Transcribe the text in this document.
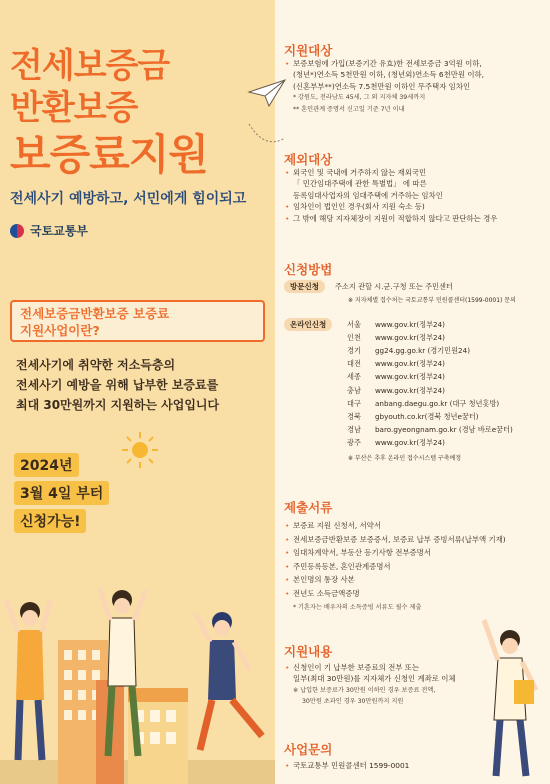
전세보증금
반환보증
보증료지원
전세사기 예방하고, 서민에게 힘이되고
국토교통부
전세보증금반환보증 보증료
지원사업이란?
전세사기에 취약한 저소득층의
전세사기 예방을 위해 납부한 보증료를
최대 30만원까지 지원하는 사업입니다
2024년
3월 4일 부터
신청가능!
지원대상
• 보증보험에 가입(보증기간 유효)한 전세보증금 3억원 이하,
(청년*)연소득 5천만원 이하, (청년외)연소득 6천만원 이하,
(신혼부부**)연소득 7.5천만원 이하인 무주택자 임차인
* 강원도, 전라남도 45세, 그 외 지자체 39세까지
** 혼인관계 증명서 신고일 기준 7년 이내
제외대상
• 외국인 및 국내에 거주하지 않는 재외국민
「 민간임대주택에 관한 특별법」 에 따른
등록임대사업자의 임대주택에 거주하는 임차인
• 임차인이 법인인 경우(회사 지원 숙소 등)
• 그 밖에 해당 지자체장이 지원이 적합하지 않다고 판단하는 경우
신청방법
방문신청	주소지 관할 시.군.구청 또는 주민센터
※ 지자체별 접수처는 국토교통부 민원콜센터(1599-0001) 문의
온라인신청	서울	www.gov.kr(정부24)
인천	www.gov.kr(정부24)
경기	gg24.gg.go.kr (경기민원24)
대전	www.gov.kr(정부24)
세종	www.gov.kr(정부24)
충남	www.gov.kr(정부24)
대구	anbang.daegu.go.kr (대구 청년홋방)
경북	gbyouth.co.kr(경북 청년e꿈터)
경남	baro.gyeongnam.go.kr (경남 바로e꿈터)
광주	www.gov.kr(정부24)
※ 부산은 추후 온라인 접수시스템 구축예정
제출서류
• 보증료 지원 신청서, 서약서
• 전세보증금반환보증 보증증서, 보증료 납부 증빙서류(납부액 기재)
• 임대차계약서, 부동산 등기사항 전부증명서
• 주민등록등본, 혼인관계증명서
• 본인명의 통장 사본
• 전년도 소득금액증명
* 기혼자는 배우자의 소득증빙 서류도 필수 제출
지원내용
• 신청인이 기 납부한 보증료의 전부 또는
일부(최대 30만원)를 지자체가 신청인 계좌로 이체
※ 납입한 보증료가 30만원 이하인 경우 보증료 전액,
30만원 초과인 경우 30만원까지 지원
사업문의
• 국토교통부 민원콜센터 1599-0001
